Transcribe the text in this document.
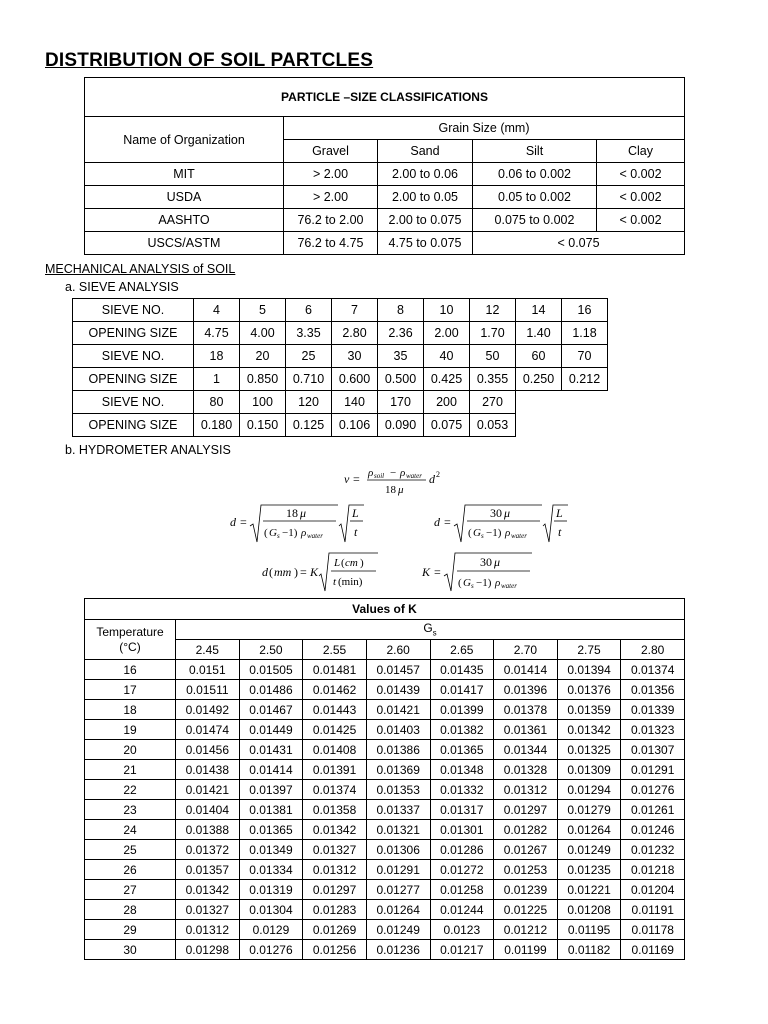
DISTRIBUTION OF SOIL PARTCLES
PARTICLE –SIZE CLASSIFICATIONS				
Name of Organization	Grain Size (mm)			
	Gravel	Sand	Silt	Clay
MIT	> 2.00	2.00 to 0.06	0.06 to 0.002	< 0.002
USDA	> 2.00	2.00 to 0.05	0.05 to 0.002	< 0.002
AASHTO	76.2 to 2.00	2.00 to 0.075	0.075 to 0.002	< 0.002
USCS/ASTM	76.2 to 4.75	4.75 to 0.075	< 0.075	
MECHANICAL ANALYSIS of SOIL
a. SIEVE ANALYSIS
SIEVE NO.	4	5	6	7	8	10	12	14	16
OPENING SIZE	4.75	4.00	3.35	2.80	2.36	2.00	1.70	1.40	1.18
SIEVE NO.	18	20	25	30	35	40	50	60	70
OPENING SIZE	1	0.850	0.710	0.600	0.500	0.425	0.355	0.250	0.212
SIEVE NO.	80	100	120	140	170	200	270		
OPENING SIZE	0.180	0.150	0.125	0.106	0.090	0.075	0.053		
b. HYDROMETER ANALYSIS
v = ρ soil − ρ water
18 μ
d 2
d =
18 μ
( G s −1) ρ water
L
t
d =
30 μ
( G s −1) ρ water
L
t
d ( mm ) = K
L ( cm )
t (min)
K =
30 μ
( G s −1) ρ water
Values of K								
Temperature
(°C)	$G_s$
	2.45	2.50	2.55	2.60	2.65	2.70	2.75	2.80
16	0.0151	0.01505	0.01481	0.01457	0.01435	0.01414	0.01394	0.01374
17	0.01511	0.01486	0.01462	0.01439	0.01417	0.01396	0.01376	0.01356
18	0.01492	0.01467	0.01443	0.01421	0.01399	0.01378	0.01359	0.01339
19	0.01474	0.01449	0.01425	0.01403	0.01382	0.01361	0.01342	0.01323
20	0.01456	0.01431	0.01408	0.01386	0.01365	0.01344	0.01325	0.01307
21	0.01438	0.01414	0.01391	0.01369	0.01348	0.01328	0.01309	0.01291
22	0.01421	0.01397	0.01374	0.01353	0.01332	0.01312	0.01294	0.01276
23	0.01404	0.01381	0.01358	0.01337	0.01317	0.01297	0.01279	0.01261
24	0.01388	0.01365	0.01342	0.01321	0.01301	0.01282	0.01264	0.01246
25	0.01372	0.01349	0.01327	0.01306	0.01286	0.01267	0.01249	0.01232
26	0.01357	0.01334	0.01312	0.01291	0.01272	0.01253	0.01235	0.01218
27	0.01342	0.01319	0.01297	0.01277	0.01258	0.01239	0.01221	0.01204
28	0.01327	0.01304	0.01283	0.01264	0.01244	0.01225	0.01208	0.01191
29	0.01312	0.0129	0.01269	0.01249	0.0123	0.01212	0.01195	0.01178
30	0.01298	0.01276	0.01256	0.01236	0.01217	0.01199	0.01182	0.01169
